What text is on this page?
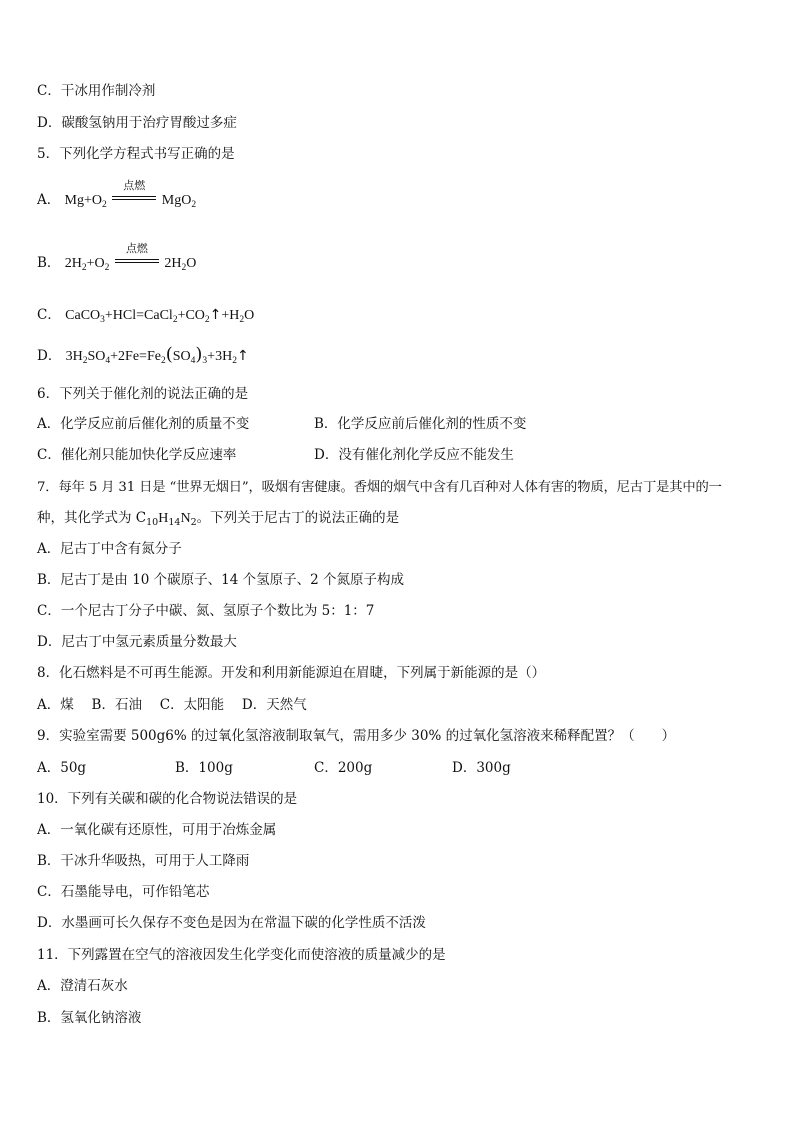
C．干冰用作制冷剂
D．碳酸氢钠用于治疗胃酸过多症
5．下列化学方程式书写正确的是
A． $Mg+O_2$
点燃
MgO$_2$
B． $2H_2+O_2$
点燃
$2H_2O$
C． $CaCO_3+HCl=CaCl_2+CO_2↑+H_2O$
D． $3H_2SO_4+2Fe=Fe_2(SO_4)_3+3H_2↑$
6．下列关于催化剂的说法正确的是
A．化学反应前后催化剂的质量不变	B．化学反应前后催化剂的性质不变
C．催化剂只能加快化学反应速率	D．没有催化剂化学反应不能发生
7．每年 5 月 31 日是 “世界无烟日”，吸烟有害健康。香烟的烟气中含有几百种对人体有害的物质，尼古丁是其中的一
种，其化学式为 $C_{10}H_{14}N_2$。下列关于尼古丁的说法正确的是
A．尼古丁中含有氮分子
B．尼古丁是由 10 个碳原子、14 个氢原子、2 个氮原子构成
C．一个尼古丁分子中碳、氮、氢原子个数比为 5：1：7
D．尼古丁中氢元素质量分数最大
8．化石燃料是不可再生能源。开发和利用新能源迫在眉睫，下列属于新能源的是（）
A．煤　 B．石油　 C．太阳能　 D．天然气
9．实验室需要 500g6% 的过氧化氢溶液制取氧气，需用多少 30% 的过氧化氢溶液来稀释配置？（　　）
A．50g	B．100g	C．200g	D．300g
10．下列有关碳和碳的化合物说法错误的是
A．一氧化碳有还原性，可用于冶炼金属
B．干冰升华吸热，可用于人工降雨
C．石墨能导电，可作铅笔芯
D．水墨画可长久保存不变色是因为在常温下碳的化学性质不活泼
11．下列露置在空气的溶液因发生化学变化而使溶液的质量减少的是
A．澄清石灰水
B．氢氧化钠溶液
